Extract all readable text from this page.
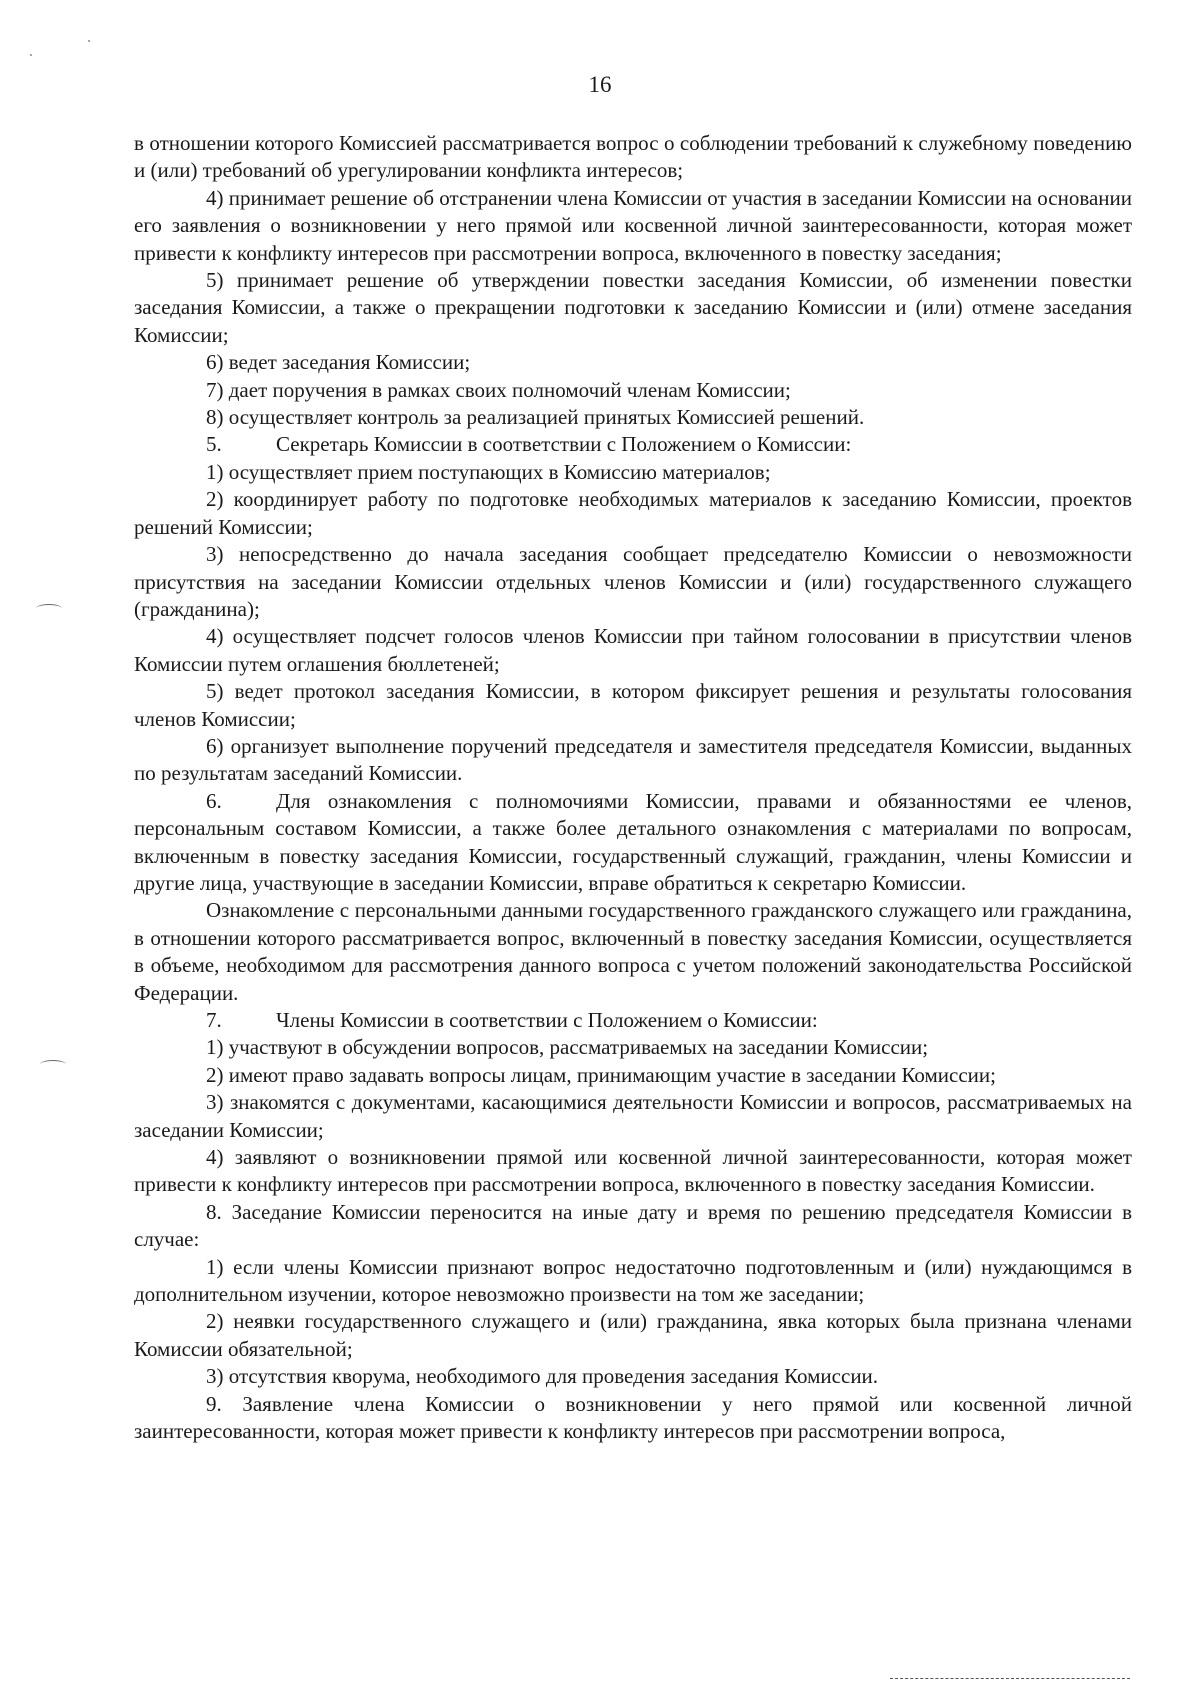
16

в отношении которого Комиссией рассматривается вопрос о соблюдении требований к служебному поведению и (или) требований об урегулировании конфликта интересов;

4) принимает решение об отстранении члена Комиссии от участия в заседании Комиссии на основании его заявления о возникновении у него прямой или косвенной личной заинтересованности, которая может привести к конфликту интересов при рассмотрении вопроса, включенного в повестку заседания;

5) принимает решение об утверждении повестки заседания Комиссии, об изменении повестки заседания Комиссии, а также о прекращении подготовки к заседанию Комиссии и (или) отмене заседания Комиссии;

6) ведет заседания Комиссии;

7) дает поручения в рамках своих полномочий членам Комиссии;

8) осуществляет контроль за реализацией принятых Комиссией решений.

5.	Секретарь Комиссии в соответствии с Положением о Комиссии:

1) осуществляет прием поступающих в Комиссию материалов;

2) координирует работу по подготовке необходимых материалов к заседанию Комиссии, проектов решений Комиссии;

3) непосредственно до начала заседания сообщает председателю Комиссии о невозможности присутствия на заседании Комиссии отдельных членов Комиссии и (или) государственного служащего (гражданина);

4) осуществляет подсчет голосов членов Комиссии при тайном голосовании в присутствии членов Комиссии путем оглашения бюллетеней;

5) ведет протокол заседания Комиссии, в котором фиксирует решения и результаты голосования членов Комиссии;

6) организует выполнение поручений председателя и заместителя председателя Комиссии, выданных по результатам заседаний Комиссии.

6.	Для ознакомления с полномочиями Комиссии, правами и обязанностями ее членов, персональным составом Комиссии, а также более детального ознакомления с материалами по вопросам, включенным в повестку заседания Комиссии, государственный служащий, гражданин, члены Комиссии и другие лица, участвующие в заседании Комиссии, вправе обратиться к секретарю Комиссии.

Ознакомление с персональными данными государственного гражданского служащего или гражданина, в отношении которого рассматривается вопрос, включенный в повестку заседания Комиссии, осуществляется в объеме, необходимом для рассмотрения данного вопроса с учетом положений законодательства Российской Федерации.

7.	Члены Комиссии в соответствии с Положением о Комиссии:

1) участвуют в обсуждении вопросов, рассматриваемых на заседании Комиссии;

2) имеют право задавать вопросы лицам, принимающим участие в заседании Комиссии;

3) знакомятся с документами, касающимися деятельности Комиссии и вопросов, рассматриваемых на заседании Комиссии;

4) заявляют о возникновении прямой или косвенной личной заинтересованности, которая может привести к конфликту интересов при рассмотрении вопроса, включенного в повестку заседания Комиссии.

8. Заседание Комиссии переносится на иные дату и время по решению председателя Комиссии в случае:

1) если члены Комиссии признают вопрос недостаточно подготовленным и (или) нуждающимся в дополнительном изучении, которое невозможно произвести на том же заседании;

2) неявки государственного служащего и (или) гражданина, явка которых была признана членами Комиссии обязательной;

3) отсутствия кворума, необходимого для проведения заседания Комиссии.

9. Заявление члена Комиссии о возникновении у него прямой или косвенной личной заинтересованности, которая может привести к конфликту интересов при рассмотрении вопроса,
